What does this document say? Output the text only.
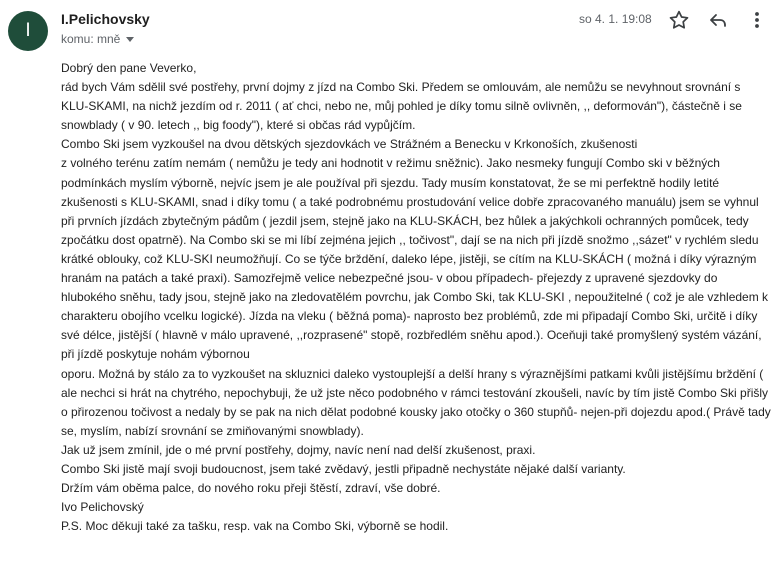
I
I.Pelichovsky
komu: mně
so 4. 1. 19:08

Dobrý den pane Veverko,

rád bych Vám sdělil své postřehy, první dojmy z jízd na Combo Ski. Předem se omlouvám, ale nemůžu se nevyhnout srovnání s KLU-SKAMI, na nichž jezdím od r. 2011 ( ať chci, nebo ne, můj pohled je díky tomu silně ovlivněn, ,, deformován"), částečně i se snowblady ( v 90. letech ,, big foody"), které si občas rád vypůjčím.

Combo Ski jsem vyzkoušel na dvou dětských sjezdovkách ve Strážném a Benecku v Krkonoších, zkušenosti

z volného terénu zatím nemám ( nemůžu je tedy ani hodnotit v režimu sněžnic). Jako nesmeky fungují Combo ski v běžných podmínkách myslím výborně, nejvíc jsem je ale používal při sjezdu. Tady musím konstatovat, že se mi perfektně hodily letité zkušenosti s KLU-SKAMI, snad i díky tomu ( a také podrobnému prostudování velice dobře zpracovaného manuálu) jsem se vyhnul při prvních jízdách zbytečným pádům ( jezdil jsem, stejně jako na KLU-SKÁCH, bez hůlek a jakýchkoli ochranných pomůcek, tedy zpočátku dost opatrně). Na Combo ski se mi líbí zejména jejich ,, točivost", dají se na nich při jízdě snožmo ,,sázet" v rychlém sledu krátké oblouky, což KLU-SKI neumožňují. Co se týče brždění, daleko lépe, jistěji, se cítím na KLU-SKÁCH ( možná i díky výrazným hranám na patách a také praxi). Samozřejmě velice nebezpečné jsou- v obou případech- přejezdy z upravené sjezdovky do hlubokého sněhu, tady jsou, stejně jako na zledovatělém povrchu, jak Combo Ski, tak KLU-SKI , nepoužitelné ( což je ale vzhledem k charakteru obojího vcelku logické). Jízda na vleku ( běžná poma)- naprosto bez problémů, zde mi připadají Combo Ski, určitě i díky své délce, jistější ( hlavně v málo upravené, ,,rozprasené" stopě, rozbředlém sněhu apod.). Oceňuji také promyšlený systém vázání, při jízdě poskytuje nohám výbornou

oporu. Možná by stálo za to vyzkoušet na skluznici daleko vystouplejší a delší hrany s výraznějšími patkami kvůli jistějšímu brždění ( ale nechci si hrát na chytrého, nepochybuji, že už jste něco podobného v rámci testování zkoušeli, navíc by tím jistě Combo Ski přišly o přirozenou točivost a nedaly by se pak na nich dělat podobné kousky jako otočky o 360 stupňů- nejen-při dojezdu apod.( Právě tady se, myslím, nabízí srovnání se zmiňovanými snowblady).

Jak už jsem zmínil, jde o mé první postřehy, dojmy, navíc není nad delší zkušenost, praxi.

Combo Ski jistě mají svoji budoucnost, jsem také zvědavý, jestli připadně nechystáte nějaké další varianty.

Držím vám oběma palce, do nového roku přeji štěstí, zdraví, vše dobré.

Ivo Pelichovský

P.S. Moc děkuji také za tašku, resp. vak na Combo Ski, výborně se hodil.
